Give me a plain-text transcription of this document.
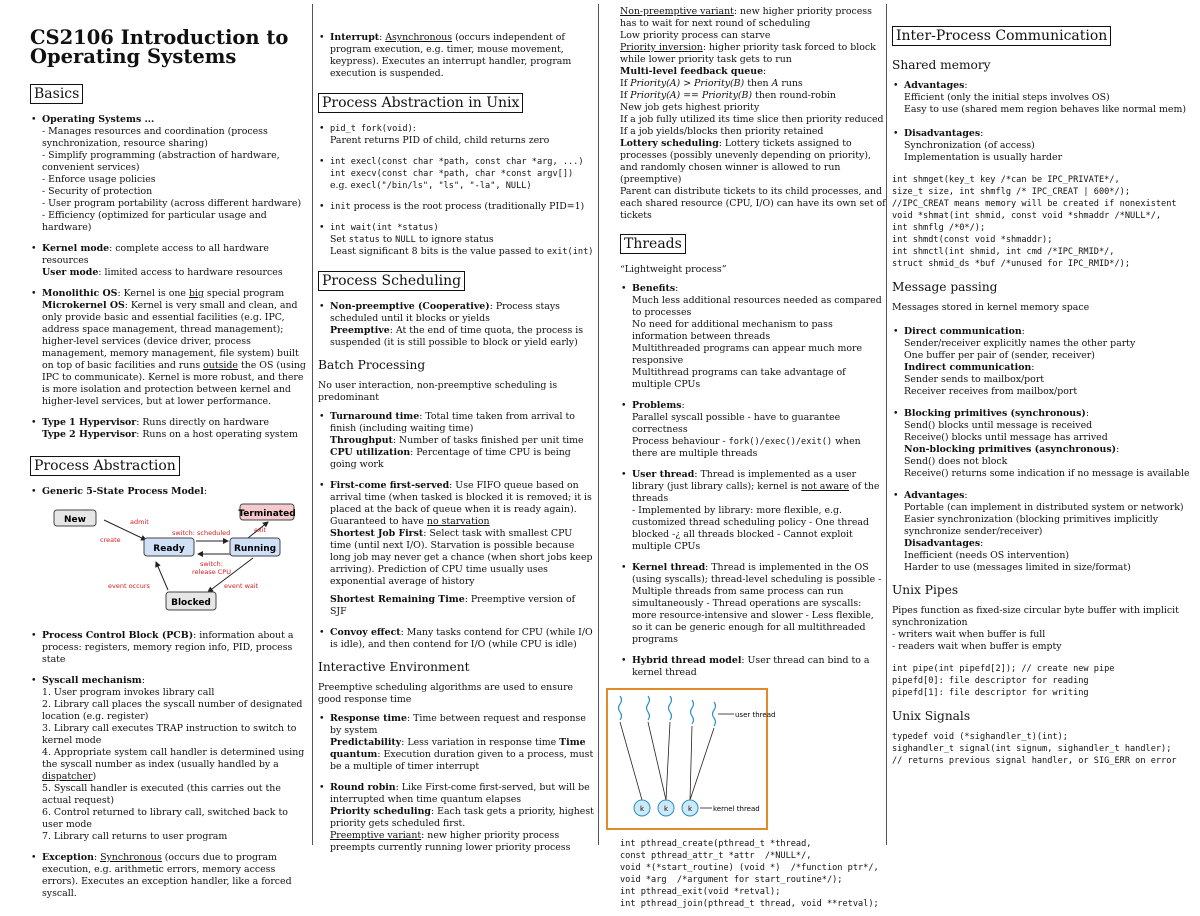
CS2106 Introduction to Operating Systems
Basics
• Operating Systems ...
- Manages resources and coordination (process synchronization, resource sharing)
- Simplify programming (abstraction of hardware, convenient services)
- Enforce usage policies
- Security of protection
- User program portability (across different hardware)
- Efficiency (optimized for particular usage and hardware)
• Kernel mode: complete access to all hardware resources
User mode: limited access to hardware resources
• Monolithic OS: Kernel is one big special program
Microkernel OS: Kernel is very small and clean, and only provide basic and essential facilities (e.g. IPC, address space management, thread management); higher-level services (device driver, process management, memory management, file system) built on top of basic facilities and runs outside the OS (using IPC to communicate). Kernel is more robust, and there is more isolation and protection between kernel and higher-level services, but at lower performance.
• Type 1 Hypervisor: Runs directly on hardware
Type 2 Hypervisor: Runs on a host operating system
Process Abstraction
• Generic 5-State Process Model:
New
Terminated
Ready	Running
Blocked
admit
create
switch: scheduled
switch:
release CPU
exit
event occurs	event wait
• Process Control Block (PCB): information about a process: registers, memory region info, PID, process state
• Syscall mechanism:
1. User program invokes library call
2. Library call places the syscall number of designated location (e.g. register)
3. Library call executes TRAP instruction to switch to kernel mode
4. Appropriate system call handler is determined using the syscall number as index (usually handled by a dispatcher)
5. Syscall handler is executed (this carries out the actual request)
6. Control returned to library call, switched back to user mode
7. Library call returns to user program
• Exception: Synchronous (occurs due to program execution, e.g. arithmetic errors, memory access errors). Executes an exception handler, like a forced syscall.
• Interrupt: Asynchronous (occurs independent of program execution, e.g. timer, mouse movement, keypress). Executes an interrupt handler, program execution is suspended.
Process Abstraction in Unix
• pid_t fork(void):
Parent returns PID of child, child returns zero
• int execl(const char *path, const char *arg, ...)
int execv(const char *path, char *const argv[])
e.g. execl("/bin/ls", "ls", "-la", NULL)
• init process is the root process (traditionally PID=1)
• int wait(int *status)
Set status to NULL to ignore status
Least significant 8 bits is the value passed to exit(int)
Process Scheduling
• Non-preemptive (Cooperative): Process stays scheduled until it blocks or yields
Preemptive: At the end of time quota, the process is suspended (it is still possible to block or yield early)
Batch Processing

No user interaction, non-preemptive scheduling is predominant

• Turnaround time: Total time taken from arrival to finish (including waiting time)
Throughput: Number of tasks finished per unit time
CPU utilization: Percentage of time CPU is being going work
• First-come first-served: Use FIFO queue based on arrival time (when tasked is blocked it is removed; it is placed at the back of queue when it is ready again). Guaranteed to have no starvation
Shortest Job First: Select task with smallest CPU time (until next I/O). Starvation is possible because long job may never get a chance (when short jobs keep arriving). Prediction of CPU time usually uses exponential average of history
Shortest Remaining Time: Preemptive version of SJF
• Convoy effect: Many tasks contend for CPU (while I/O is idle), and then contend for I/O (while CPU is idle)
Interactive Environment

Preemptive scheduling algorithms are used to ensure good response time

• Response time: Time between request and response by system
Predictability: Less variation in response time Time quantum: Execution duration given to a process, must be a multiple of timer interrupt
• Round robin: Like First-come first-served, but will be interrupted when time quantum elapses
Priority scheduling: Each task gets a priority, highest priority gets scheduled first.
Preemptive variant: new higher priority process preempts currently running lower priority process
Non-preemptive variant: new higher priority process has to wait for next round of scheduling
Low priority process can starve
Priority inversion: higher priority task forced to block while lower priority task gets to run
Multi-level feedback queue:
If Priority(A) > Priority(B) then A runs
If Priority(A) == Priority(B) then round-robin
New job gets highest priority
If a job fully utilized its time slice then priority reduced
If a job yields/blocks then priority retained
Lottery scheduling: Lottery tickets assigned to processes (possibly unevenly depending on priority), and randomly chosen winner is allowed to run (preemptive)
Parent can distribute tickets to its child processes, and each shared resource (CPU, I/O) can have its own set of tickets
Threads

“Lightweight process”

• Benefits:
Much less additional resources needed as compared to processes
No need for additional mechanism to pass information between threads
Multithreaded programs can appear much more responsive
Multithread programs can take advantage of multiple CPUs
• Problems:
Parallel syscall possible - have to guarantee correctness
Process behaviour - fork()/exec()/exit() when there are multiple threads
• User thread: Thread is implemented as a user library (just library calls); kernel is not aware of the threads
- Implemented by library: more flexible, e.g. customized thread scheduling policy - One thread blocked -¿ all threads blocked - Cannot exploit multiple CPUs
• Kernel thread: Thread is implemented in the OS (using syscalls); thread-level scheduling is possible - Multiple threads from same process can run simultaneously - Thread operations are syscalls: more resource-intensive and slower - Less flexible, so it can be generic enough for all multithreaded programs
• Hybrid thread model: User thread can bind to a kernel thread
k	k	k
user thread
kernel thread
int pthread_create(pthread_t *thread,
const pthread_attr_t *attr  /*NULL*/,
void *(*start_routine) (void *)  /*function ptr*/,
void *arg  /*argument for start_routine*/);
int pthread_exit(void *retval);
int pthread_join(pthread_t thread, void **retval);
Inter-Process Communication
Shared memory
• Advantages:
Efficient (only the initial steps involves OS)
Easy to use (shared mem region behaves like normal mem)
• Disadvantages:
Synchronization (of access)
Implementation is usually harder
int shmget(key_t key /*can be IPC_PRIVATE*/,
size_t size, int shmflg /* IPC_CREAT | 600*/);
//IPC_CREAT means memory will be created if nonexistent
void *shmat(int shmid, const void *shmaddr /*NULL*/,
int shmflg /*0*/);
int shmdt(const void *shmaddr);
int shmctl(int shmid, int cmd /*IPC_RMID*/,
struct shmid_ds *buf /*unused for IPC_RMID*/);
Message passing

Messages stored in kernel memory space

• Direct communication:
Sender/receiver explicitly names the other party
One buffer per pair of (sender, receiver)
Indirect communication:
Sender sends to mailbox/port
Receiver receives from mailbox/port
• Blocking primitives (synchronous):
Send() blocks until message is received
Receive() blocks until message has arrived
Non-blocking primitives (asynchronous):
Send() does not block
Receive() returns some indication if no message is available
• Advantages:
Portable (can implement in distributed system or network)
Easier synchronization (blocking primitives implicitly synchronize sender/receiver)
Disadvantages:
Inefficient (needs OS intervention)
Harder to use (messages limited in size/format)
Unix Pipes

Pipes function as fixed-size circular byte buffer with implicit synchronization
- writers wait when buffer is full
- readers wait when buffer is empty

int pipe(int pipefd[2]); // create new pipe
pipefd[0]: file descriptor for reading
pipefd[1]: file descriptor for writing
Unix Signals
typedef void (*sighandler_t)(int);
sighandler_t signal(int signum, sighandler_t handler);
// returns previous signal handler, or SIG_ERR on error
